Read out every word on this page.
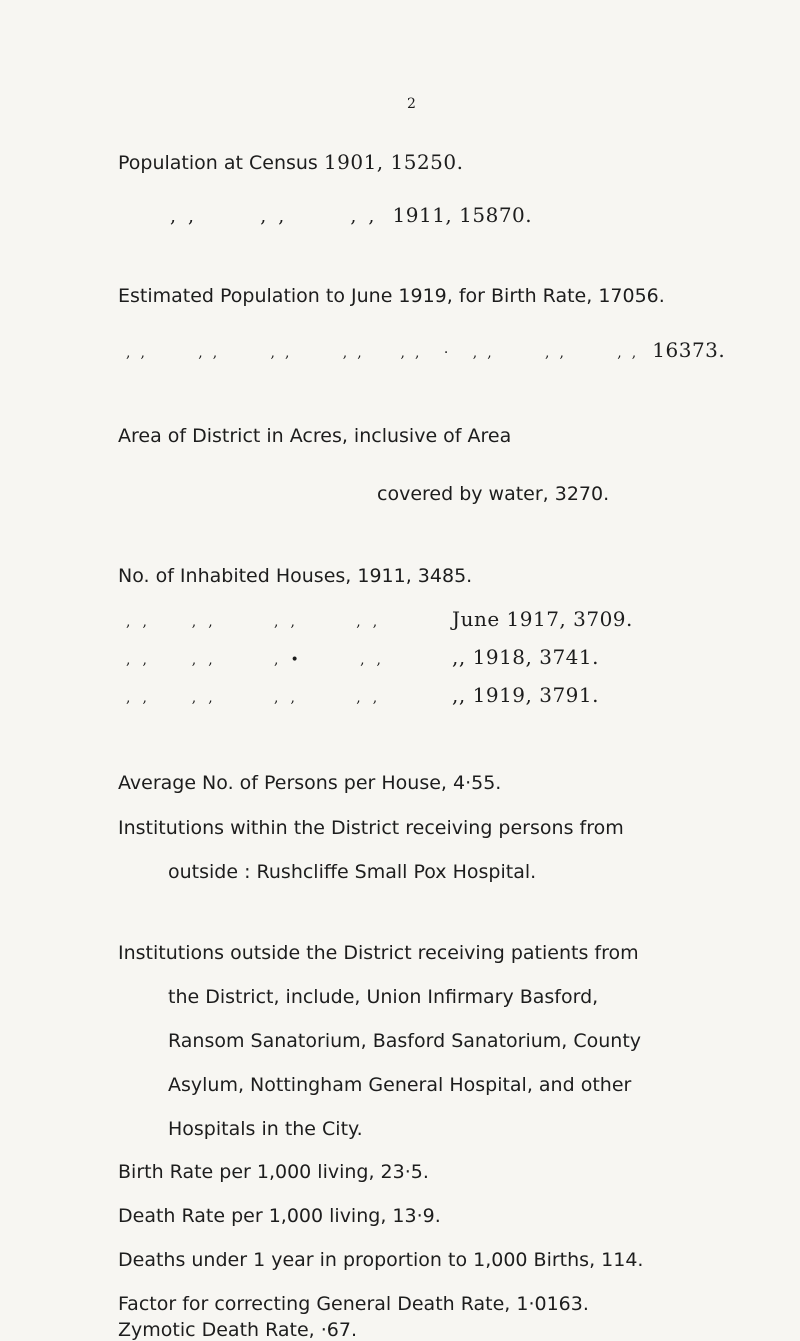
2
Population at Census 1901, 15250.
,,   ,,   ,, 1911, 15870.
Estimated Population to June 1919, for Birth Rate, 17056.
,,   ,,   ,,   ,,  ,, · ,,   ,,   ,, 16373.
Area of District in Acres, inclusive of Area
covered by water, 3270.
No. of Inhabited Houses, 1911, 3485.
,,  ,,   ,,   ,,	June 1917, 3709.
,,  ,,   ,•   ,,	,, 1918, 3741.
,,  ,,   ,,   ,,	,, 1919, 3791.
Average No. of Persons per House, 4·55.
Institutions within the District receiving persons from
outside : Rushcliffe Small Pox Hospital.
Institutions outside the District receiving patients from
the District, include, Union Infirmary Basford,
Ransom Sanatorium, Basford Sanatorium, County
Asylum, Nottingham General Hospital, and other
Hospitals in the City.
Birth Rate per 1,000 living, 23·5.
Death Rate per 1,000 living, 13·9.
Deaths under 1 year in proportion to 1,000 Births, 114.
Factor for correcting General Death Rate, 1·0163.
Zymotic Death Rate, ·67.
